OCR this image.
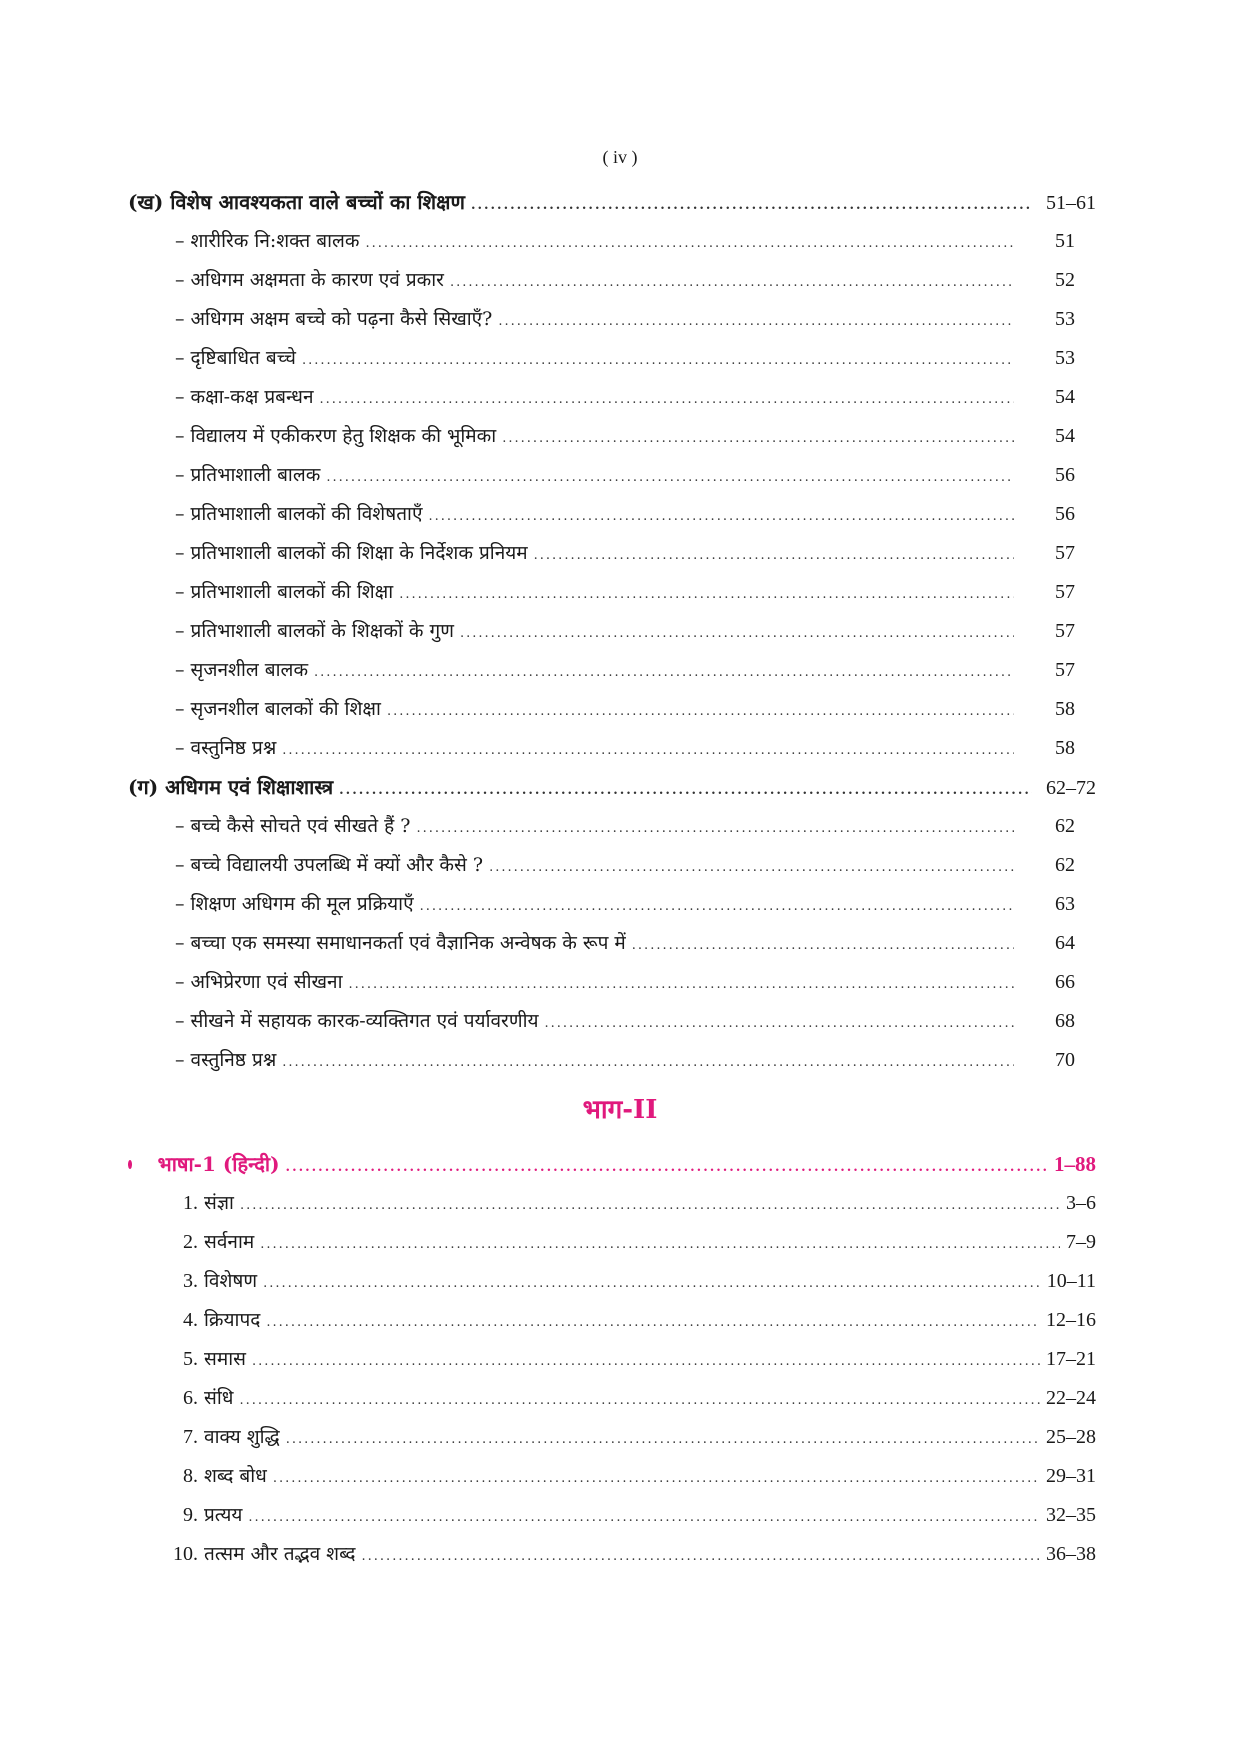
( iv )
(ख) विशेष आवश्यकता वाले बच्चों का शिक्षण .....	51–61
– शारीरिक नि:शक्त बालक .....	51
– अधिगम अक्षमता के कारण एवं प्रकार .....	52
– अधिगम अक्षम बच्चे को पढ़ना कैसे सिखाएँ? .....	53
– दृष्टिबाधित बच्चे .....	53
– कक्षा-कक्ष प्रबन्धन .....	54
– विद्यालय में एकीकरण हेतु शिक्षक की भूमिका .....	54
– प्रतिभाशाली बालक .....	56
– प्रतिभाशाली बालकों की विशेषताएँ .....	56
– प्रतिभाशाली बालकों की शिक्षा के निर्देशक प्रनियम .....	57
– प्रतिभाशाली बालकों की शिक्षा .....	57
– प्रतिभाशाली बालकों के शिक्षकों के गुण .....	57
– सृजनशील बालक .....	57
– सृजनशील बालकों की शिक्षा .....	58
– वस्तुनिष्ठ प्रश्न .....	58
(ग) अधिगम एवं शिक्षाशास्त्र .....	62–72
– बच्चे कैसे सोचते एवं सीखते हैं ? .....	62
– बच्चे विद्यालयी उपलब्धि में क्यों और कैसे ? .....	62
– शिक्षण अधिगम की मूल प्रक्रियाएँ .....	63
– बच्चा एक समस्या समाधानकर्ता एवं वैज्ञानिक अन्वेषक के रूप में .....	64
– अभिप्रेरणा एवं सीखना .....	66
– सीखने में सहायक कारक-व्यक्तिगत एवं पर्यावरणीय .....	68
– वस्तुनिष्ठ प्रश्न .....	70
भाग-II
भाषा-1 (हिन्दी) .....	1–88
1. संज्ञा .....	3–6
2. सर्वनाम .....	7–9
3. विशेषण .....	10–11
4. क्रियापद .....	12–16
5. समास .....	17–21
6. संधि .....	22–24
7. वाक्य शुद्धि .....	25–28
8. शब्द बोध .....	29–31
9. प्रत्यय .....	32–35
10. तत्सम और तद्भव शब्द .....	36–38
